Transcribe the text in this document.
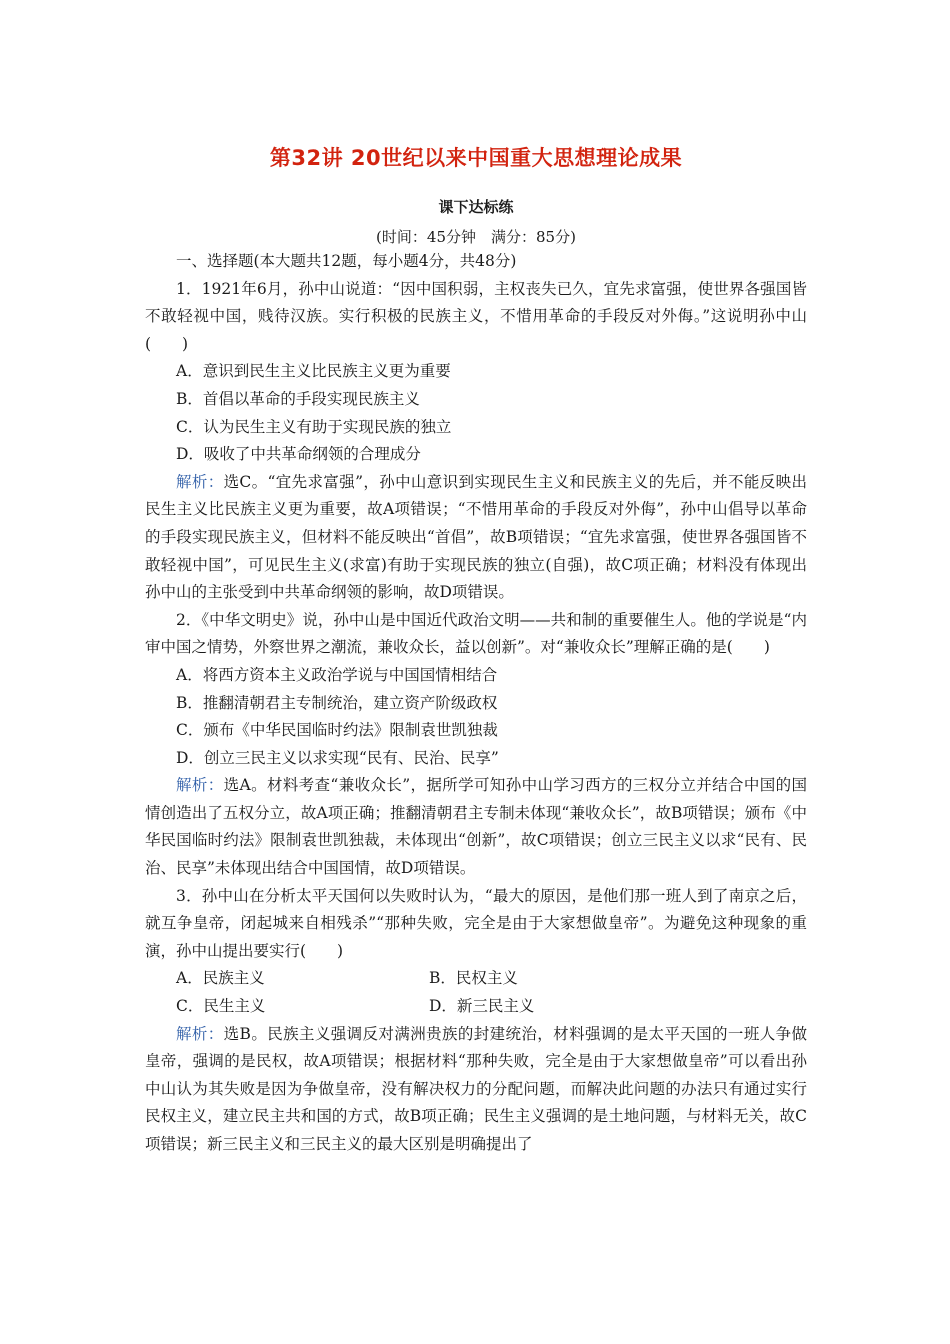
第32讲 20世纪以来中国重大思想理论成果
课下达标练
(时间：45分钟　满分：85分)

一、选择题(本大题共12题，每小题4分，共48分)

1．1921年6月，孙中山说道：“因中国积弱，主权丧失已久，宜先求富强，使世界各强国皆不敢轻视中国，贱待汉族。实行积极的民族主义，不惜用革命的手段反对外侮。”这说明孙中山(　　)

A．意识到民生主义比民族主义更为重要

B．首倡以革命的手段实现民族主义

C．认为民生主义有助于实现民族的独立

D．吸收了中共革命纲领的合理成分

解析：选C。“宜先求富强”，孙中山意识到实现民生主义和民族主义的先后，并不能反映出民生主义比民族主义更为重要，故A项错误；“不惜用革命的手段反对外侮”，孙中山倡导以革命的手段实现民族主义，但材料不能反映出“首倡”，故B项错误；“宜先求富强，使世界各强国皆不敢轻视中国”，可见民生主义(求富)有助于实现民族的独立(自强)，故C项正确；材料没有体现出孙中山的主张受到中共革命纲领的影响，故D项错误。

2．《中华文明史》说，孙中山是中国近代政治文明——共和制的重要催生人。他的学说是“内审中国之情势，外察世界之潮流，兼收众长，益以创新”。对“兼收众长”理解正确的是(　　)

A．将西方资本主义政治学说与中国国情相结合

B．推翻清朝君主专制统治，建立资产阶级政权

C．颁布《中华民国临时约法》限制袁世凯独裁

D．创立三民主义以求实现“民有、民治、民享”

解析：选A。材料考查“兼收众长”，据所学可知孙中山学习西方的三权分立并结合中国的国情创造出了五权分立，故A项正确；推翻清朝君主专制未体现“兼收众长”，故B项错误；颁布《中华民国临时约法》限制袁世凯独裁，未体现出“创新”，故C项错误；创立三民主义以求“民有、民治、民享”未体现出结合中国国情，故D项错误。

3．孙中山在分析太平天国何以失败时认为，“最大的原因，是他们那一班人到了南京之后，就互争皇帝，闭起城来自相残杀”“那种失败，完全是由于大家想做皇帝”。为避免这种现象的重演，孙中山提出要实行(　　)

A．民族主义	B．民权主义
C．民生主义	D．新三民主义

解析：选B。民族主义强调反对满洲贵族的封建统治，材料强调的是太平天国的一班人争做皇帝，强调的是民权，故A项错误；根据材料“那种失败，完全是由于大家想做皇帝”可以看出孙中山认为其失败是因为争做皇帝，没有解决权力的分配问题，而解决此问题的办法只有通过实行民权主义，建立民主共和国的方式，故B项正确；民生主义强调的是土地问题，与材料无关，故C项错误；新三民主义和三民主义的最大区别是明确提出了
